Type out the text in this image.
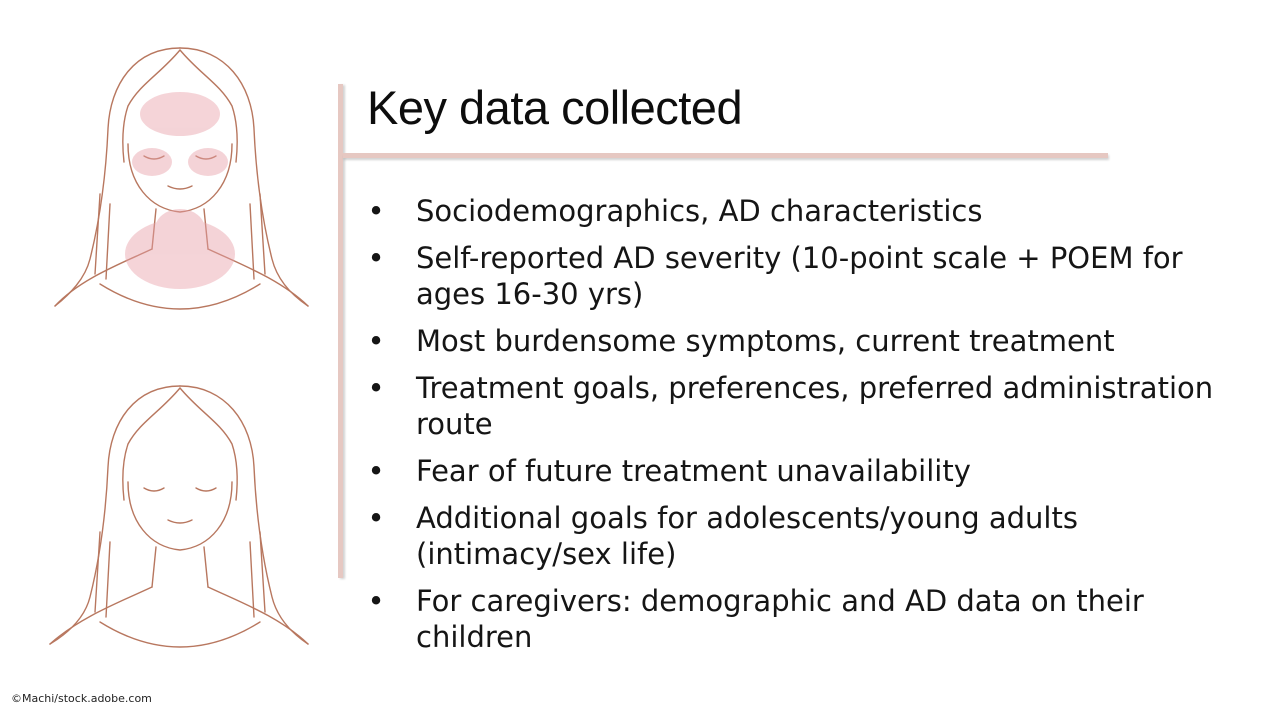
Key data collected
• Sociodemographics, AD characteristics
• Self-reported AD severity (10-point scale + POEM for ages 16-30 yrs)
• Most burdensome symptoms, current treatment
• Treatment goals, preferences, preferred administration route
• Fear of future treatment unavailability
• Additional goals for adolescents/young adults (intimacy/sex life)
• For caregivers: demographic and AD data on their children
©Machi/stock.adobe.com
